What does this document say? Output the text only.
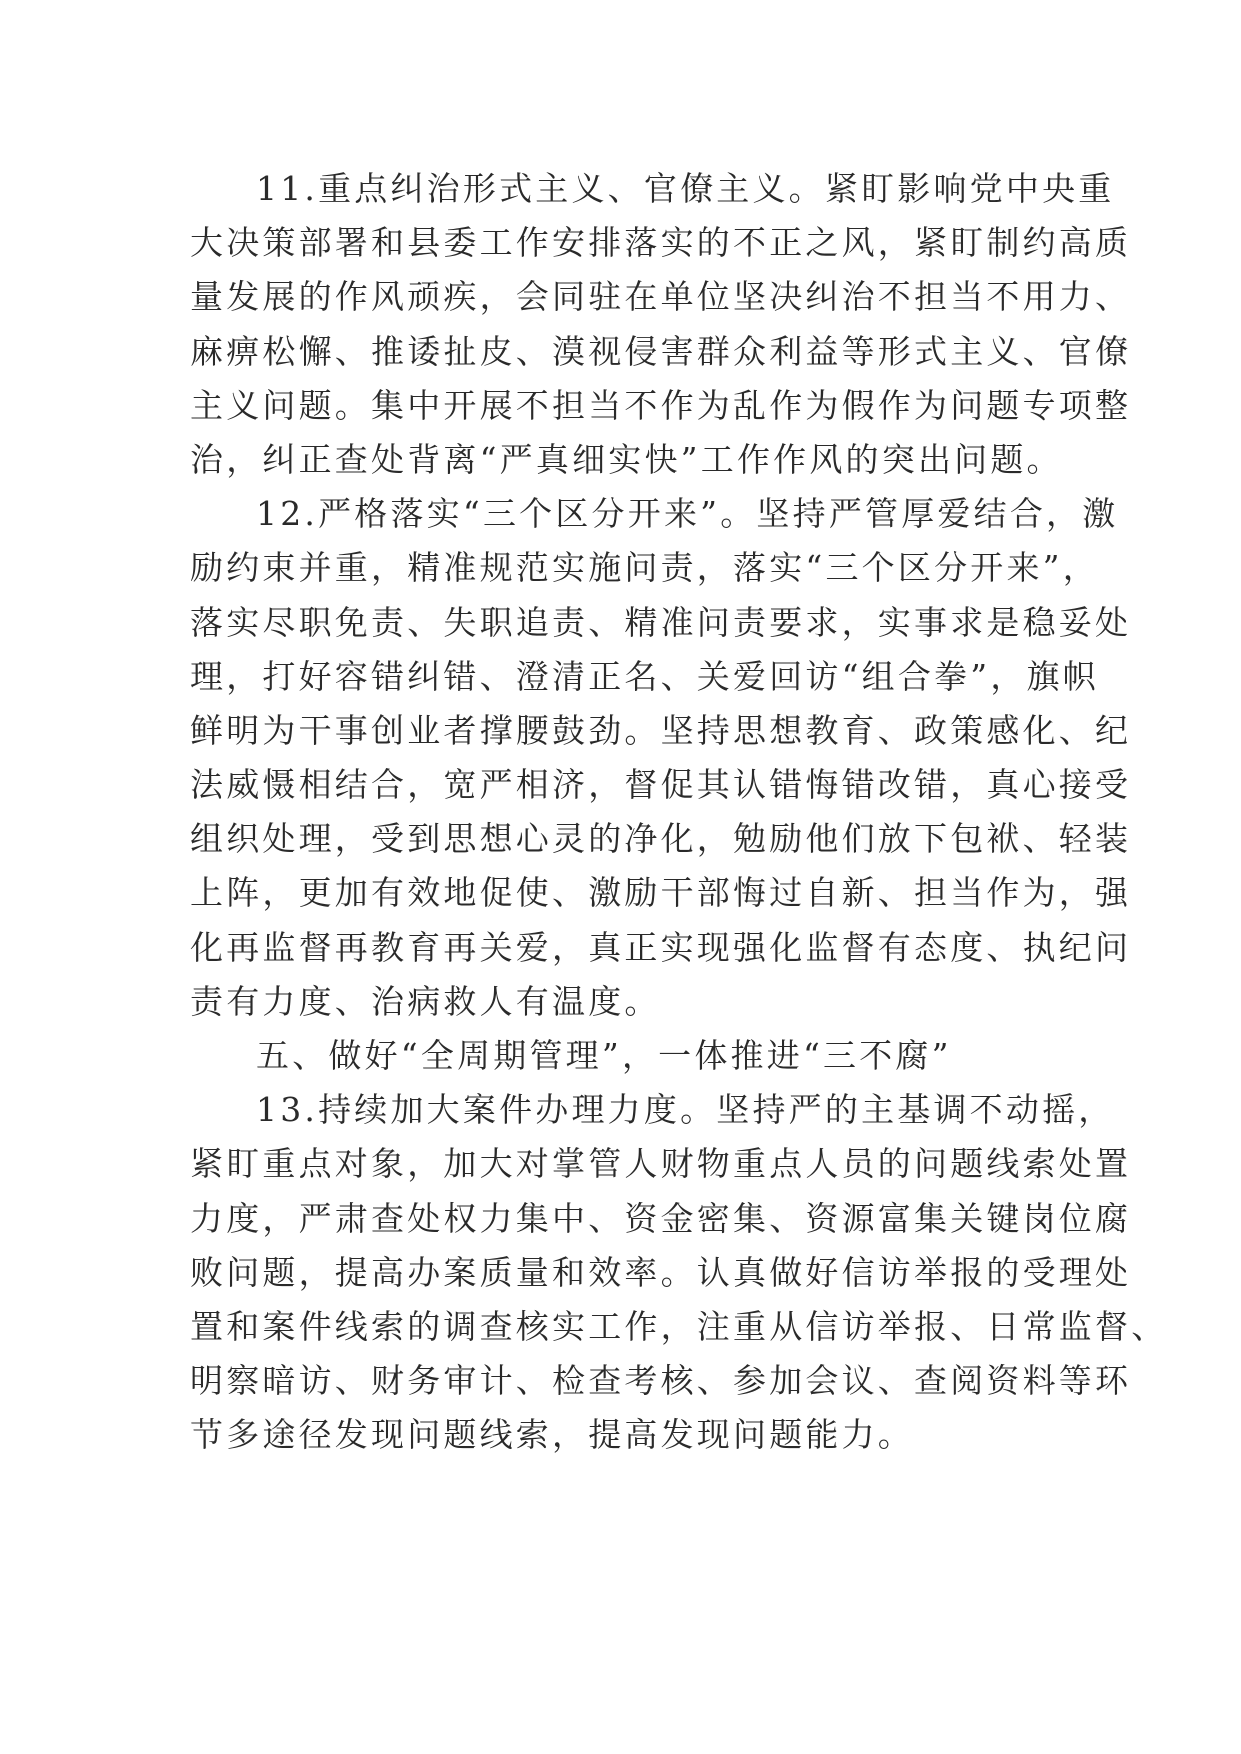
11.重点纠治形式主义、官僚主义。紧盯影响党中央重
大决策部署和县委工作安排落实的不正之风，紧盯制约高质
量发展的作风顽疾，会同驻在单位坚决纠治不担当不用力、
麻痹松懈、推诿扯皮、漠视侵害群众利益等形式主义、官僚
主义问题。集中开展不担当不作为乱作为假作为问题专项整
治，纠正查处背离“严真细实快”工作作风的突出问题。
12.严格落实“三个区分开来”。坚持严管厚爱结合，激
励约束并重，精准规范实施问责，落实“三个区分开来”，
落实尽职免责、失职追责、精准问责要求，实事求是稳妥处
理，打好容错纠错、澄清正名、关爱回访“组合拳”，旗帜
鲜明为干事创业者撑腰鼓劲。坚持思想教育、政策感化、纪
法威慑相结合，宽严相济，督促其认错悔错改错，真心接受
组织处理，受到思想心灵的净化，勉励他们放下包袱、轻装
上阵，更加有效地促使、激励干部悔过自新、担当作为，强
化再监督再教育再关爱，真正实现强化监督有态度、执纪问
责有力度、治病救人有温度。
五、做好“全周期管理”，一体推进“三不腐”
13.持续加大案件办理力度。坚持严的主基调不动摇，
紧盯重点对象，加大对掌管人财物重点人员的问题线索处置
力度，严肃查处权力集中、资金密集、资源富集关键岗位腐
败问题，提高办案质量和效率。认真做好信访举报的受理处
置和案件线索的调查核实工作，注重从信访举报、日常监督、
明察暗访、财务审计、检查考核、参加会议、查阅资料等环
节多途径发现问题线索，提高发现问题能力。
